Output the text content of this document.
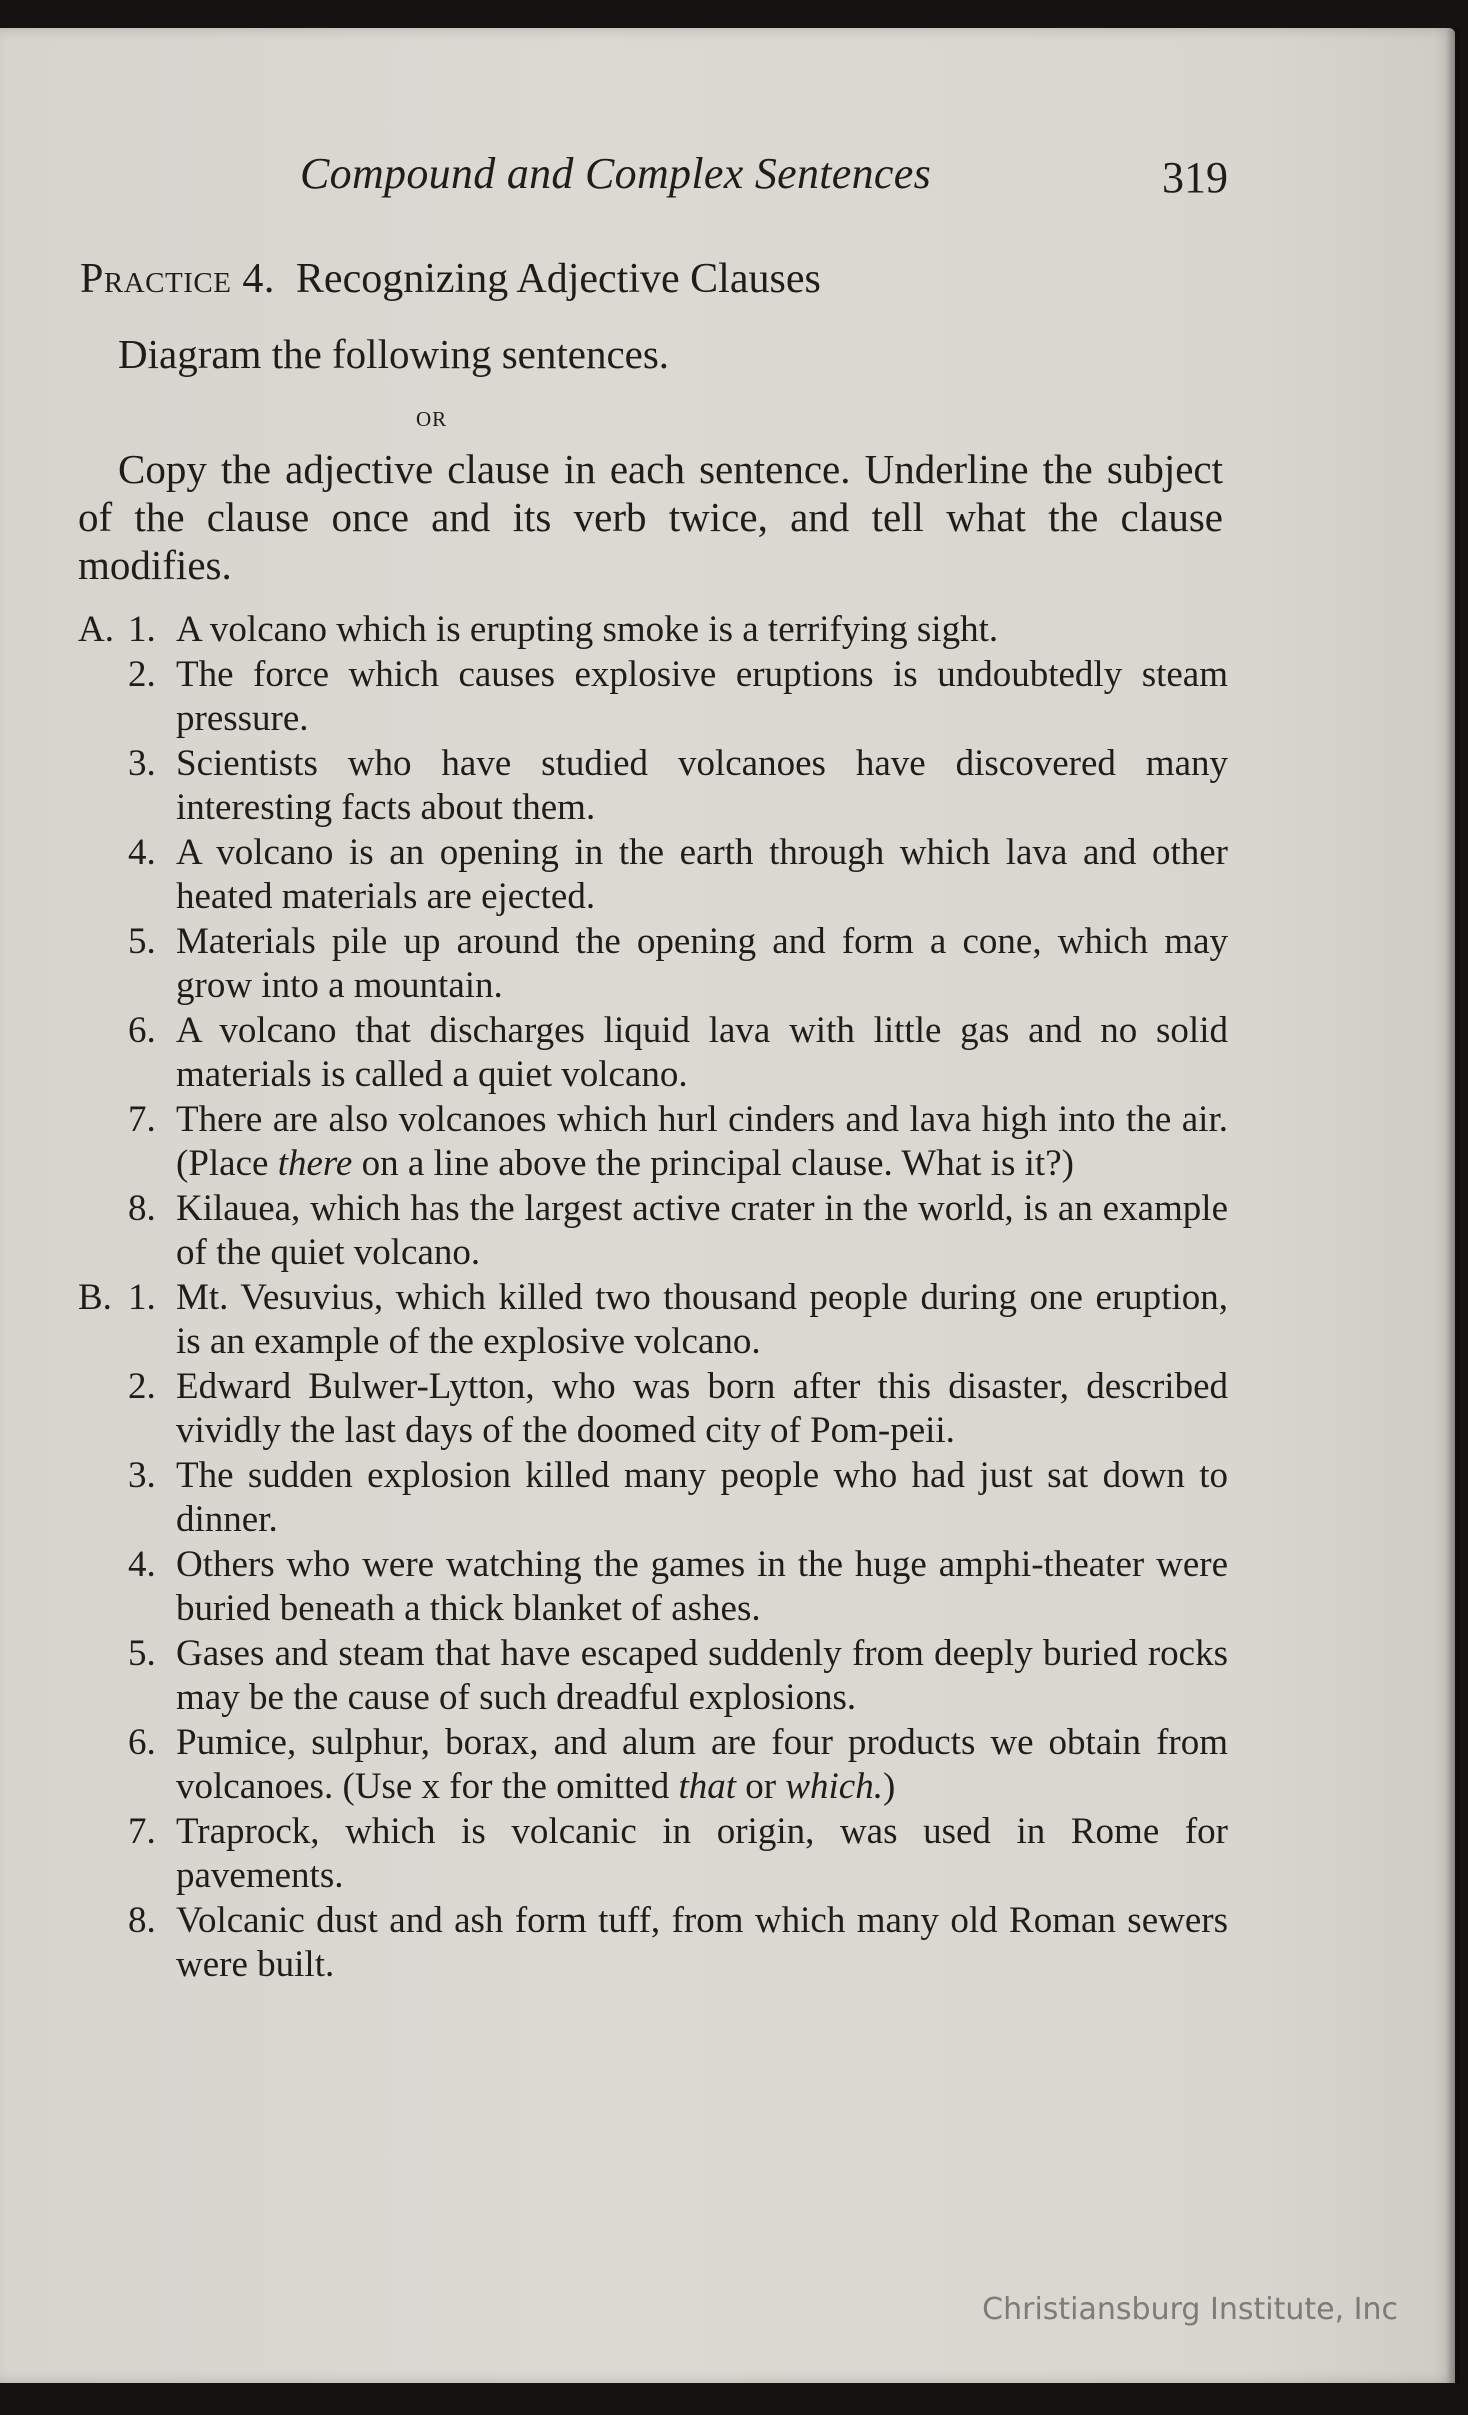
Compound and Complex Sentences	319
Practice 4. Recognizing Adjective Clauses
Diagram the following sentences.
or
Copy the adjective clause in each sentence. Underline the subject of the clause once and its verb twice, and tell what the clause modifies.
A. 1. A volcano which is erupting smoke is a terrifying sight.
2. The force which causes explosive eruptions is undoubtedly steam pressure.
3. Scientists who have studied volcanoes have discovered many interesting facts about them.
4. A volcano is an opening in the earth through which lava and other heated materials are ejected.
5. Materials pile up around the opening and form a cone, which may grow into a mountain.
6. A volcano that discharges liquid lava with little gas and no solid materials is called a quiet volcano.
7. There are also volcanoes which hurl cinders and lava high into the air. (Place there on a line above the principal clause. What is it?)
8. Kilauea, which has the largest active crater in the world, is an example of the quiet volcano.
B. 1. Mt. Vesuvius, which killed two thousand people during one eruption, is an example of the explosive volcano.
2. Edward Bulwer-Lytton, who was born after this disaster, described vividly the last days of the doomed city of Pom-peii.
3. The sudden explosion killed many people who had just sat down to dinner.
4. Others who were watching the games in the huge amphi-theater were buried beneath a thick blanket of ashes.
5. Gases and steam that have escaped suddenly from deeply buried rocks may be the cause of such dreadful explosions.
6. Pumice, sulphur, borax, and alum are four products we obtain from volcanoes. (Use x for the omitted that or which.)
7. Traprock, which is volcanic in origin, was used in Rome for pavements.
8. Volcanic dust and ash form tuff, from which many old Roman sewers were built.
Christiansburg Institute, Inc
